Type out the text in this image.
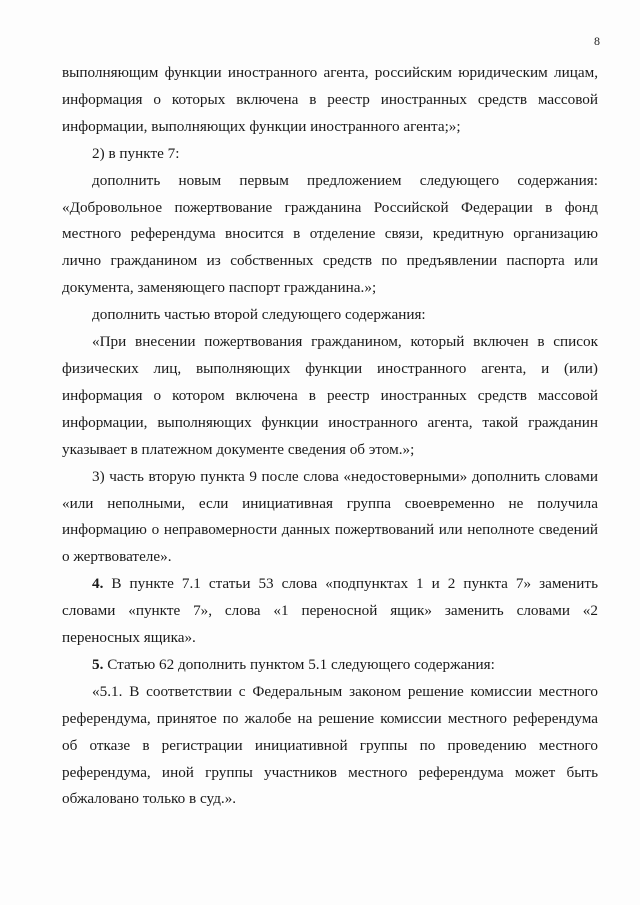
8

выполняющим функции иностранного агента, российским юридическим лицам, информация о которых включена в реестр иностранных средств массовой информации, выполняющих функции иностранного агента;»;

2) в пункте 7:

дополнить новым первым предложением следующего содержания: «Добровольное пожертвование гражданина Российской Федерации в фонд местного референдума вносится в отделение связи, кредитную организацию лично гражданином из собственных средств по предъявлении паспорта или документа, заменяющего паспорт гражданина.»;

дополнить частью второй следующего содержания:

«При внесении пожертвования гражданином, который включен в список физических лиц, выполняющих функции иностранного агента, и (или) информация о котором включена в реестр иностранных средств массовой информации, выполняющих функции иностранного агента, такой гражданин указывает в платежном документе сведения об этом.»;

3) часть вторую пункта 9 после слова «недостоверными» дополнить словами «или неполными, если инициативная группа своевременно не получила информацию о неправомерности данных пожертвований или неполноте сведений о жертвователе».

4. В пункте 7.1 статьи 53 слова «подпунктах 1 и 2 пункта 7» заменить словами «пункте 7», слова «1 переносной ящик» заменить словами «2 переносных ящика».

5. Статью 62 дополнить пунктом 5.1 следующего содержания:

«5.1. В соответствии с Федеральным законом решение комиссии местного референдума, принятое по жалобе на решение комиссии местного референдума об отказе в регистрации инициативной группы по проведению местного референдума, иной группы участников местного референдума может быть обжаловано только в суд.».
